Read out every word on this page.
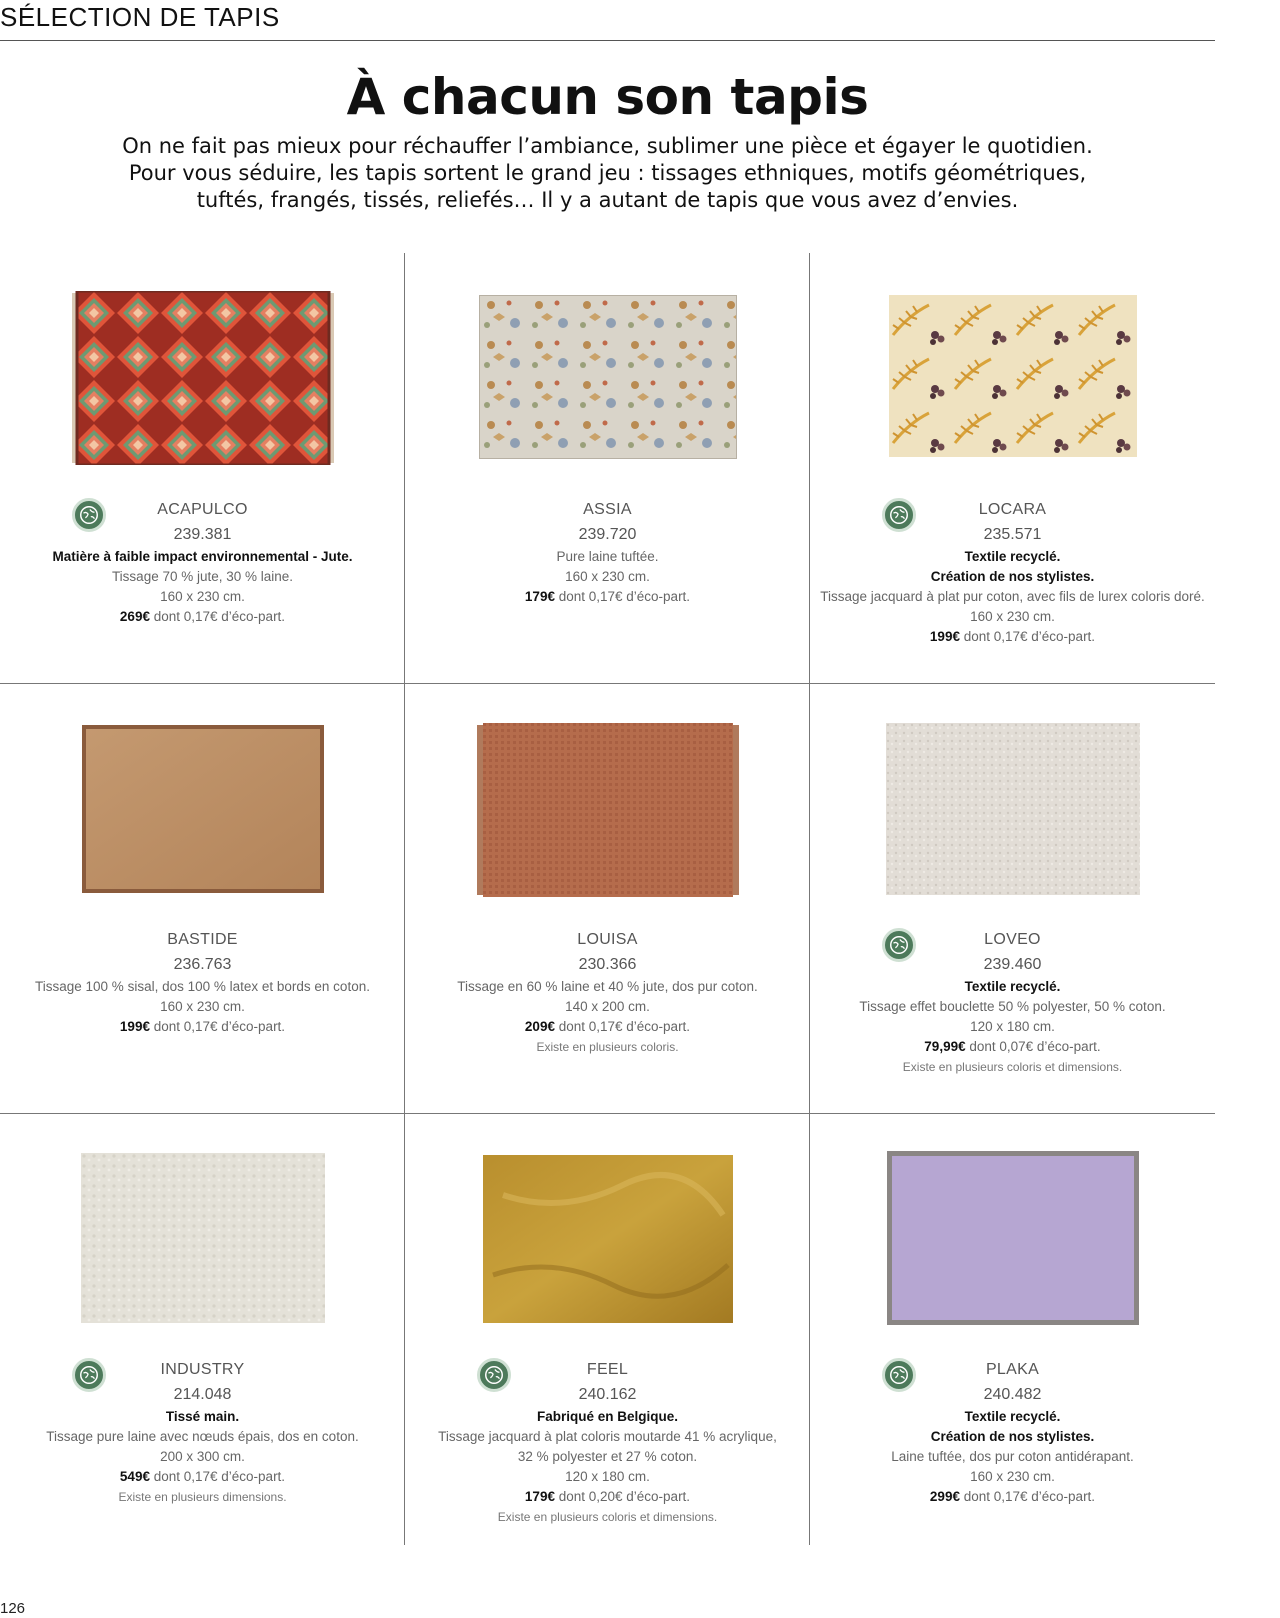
SÉLECTION DE TAPIS
À chacun son tapis
On ne fait pas mieux pour réchauffer l’ambiance, sublimer une pièce et égayer le quotidien.
Pour vous séduire, les tapis sortent le grand jeu : tissages ethniques, motifs géométriques,
tuftés, frangés, tissés, reliefés… Il y a autant de tapis que vous avez d’envies.
ACAPULCO
239.381
Matière à faible impact environnemental - Jute.
Tissage 70 % jute, 30 % laine.
160 x 230 cm.
269€ dont 0,17€ d’éco-part.
ASSIA
239.720
Pure laine tuftée.
160 x 230 cm.
179€ dont 0,17€ d’éco-part.
LOCARA
235.571
Textile recyclé.
Création de nos stylistes.
Tissage jacquard à plat pur coton, avec fils de lurex coloris doré.
160 x 230 cm.
199€ dont 0,17€ d’éco-part.
BASTIDE
236.763
Tissage 100 % sisal, dos 100 % latex et bords en coton.
160 x 230 cm.
199€ dont 0,17€ d’éco-part.
LOUISA
230.366
Tissage en 60 % laine et 40 % jute, dos pur coton.
140 x 200 cm.
209€ dont 0,17€ d’éco-part.
Existe en plusieurs coloris.
LOVEO
239.460
Textile recyclé.
Tissage effet bouclette 50 % polyester, 50 % coton.
120 x 180 cm.
79,99€ dont 0,07€ d’éco-part.
Existe en plusieurs coloris et dimensions.
INDUSTRY
214.048
Tissé main.
Tissage pure laine avec nœuds épais, dos en coton.
200 x 300 cm.
549€ dont 0,17€ d’éco-part.
Existe en plusieurs dimensions.
FEEL
240.162
Fabriqué en Belgique.
Tissage jacquard à plat coloris moutarde 41 % acrylique,
32 % polyester et 27 % coton.
120 x 180 cm.
179€ dont 0,20€ d’éco-part.
Existe en plusieurs coloris et dimensions.
PLAKA
240.482
Textile recyclé.
Création de nos stylistes.
Laine tuftée, dos pur coton antidérapant.
160 x 230 cm.
299€ dont 0,17€ d’éco-part.
126
